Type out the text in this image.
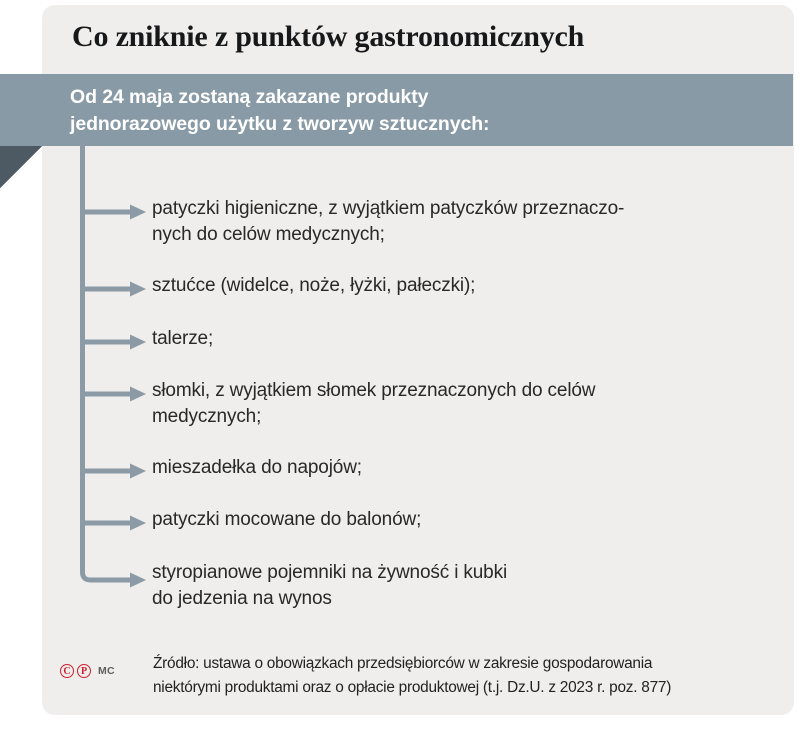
Co zniknie z punktów gastronomicznych
Od 24 maja zostaną zakazane produkty
jednorazowego użytku z tworzyw sztucznych:
patyczki higieniczne, z wyjątkiem patyczków przeznaczo-
nych do celów medycznych;
sztućce (widelce, noże, łyżki, pałeczki);
talerze;
słomki, z wyjątkiem słomek przeznaczonych do celów
medycznych;
mieszadełka do napojów;
patyczki mocowane do balonów;
styropianowe pojemniki na żywność i kubki
do jedzenia na wynos
C	P	MC Źródło: ustawa o obowiązkach przedsiębiorców w zakresie gospodarowania
niektórymi produktami oraz o opłacie produktowej (t.j. Dz.U. z 2023 r. poz. 877)
